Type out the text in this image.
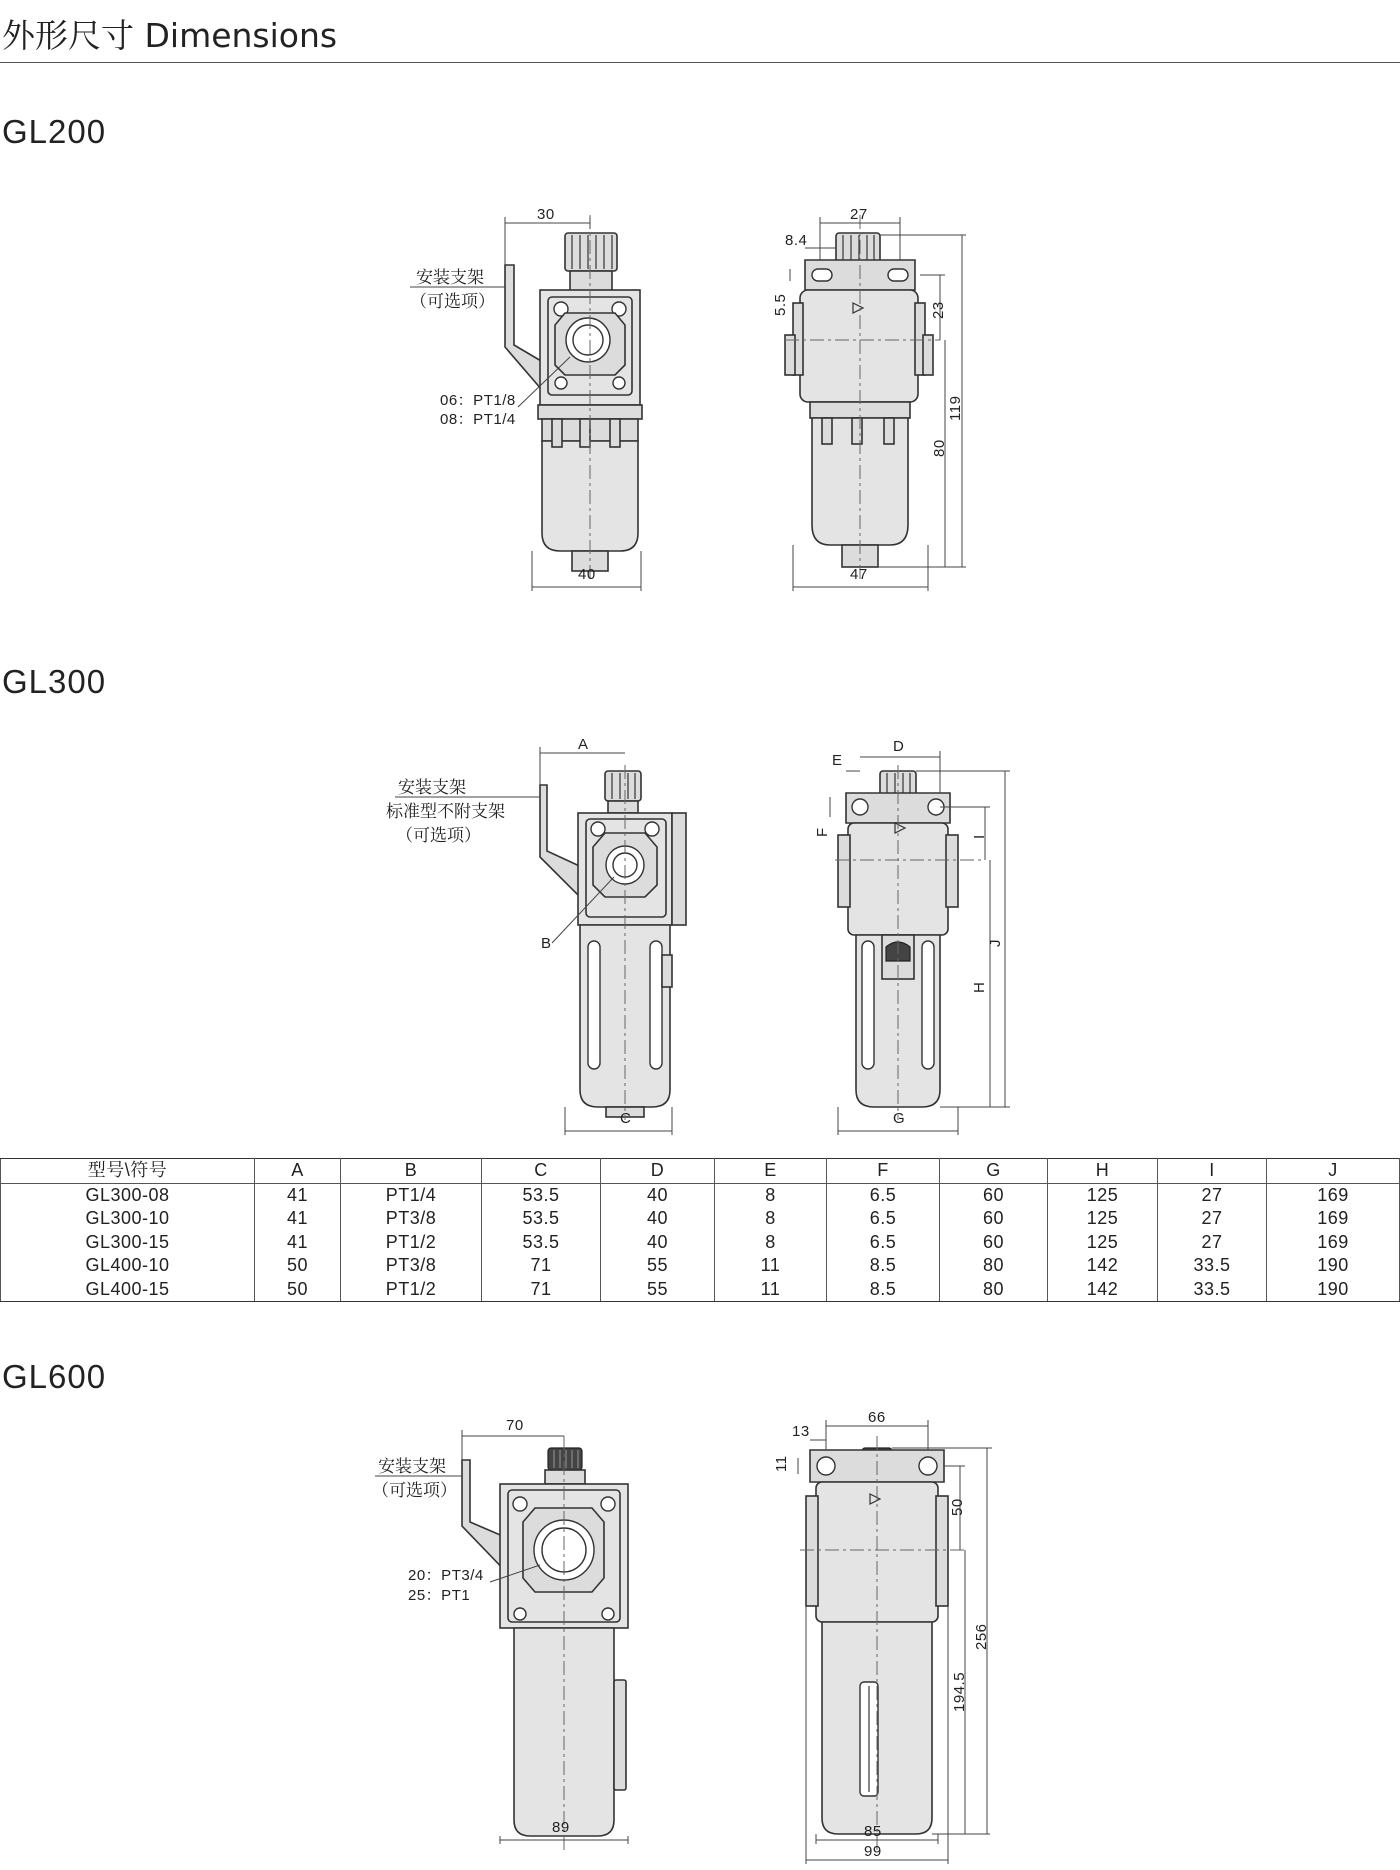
外形尺寸 Dimensions
GL200
30
40
安装支架
（可选项）
06：PT1/8
08：PT1/4
27
8.4
5.5	23
80
119
47
GL300
A
B
C
安装支架
标准型不附支架
（可选项）
D
E
F	I
H
J
G
型号\符号	A	B	C	D	E	F	G	H	I	J
GL300-08	41	PT1/4	53.5	40	8	6.5	60	125	27	169
GL300-10	41	PT3/8	53.5	40	8	6.5	60	125	27	169
GL300-15	41	PT1/2	53.5	40	8	6.5	60	125	27	169
GL400-10	50	PT3/8	71	55	11	8.5	80	142	33.5	190
GL400-15	50	PT1/2	71	55	11	8.5	80	142	33.5	190
GL600
70
89
安装支架
（可选项）
20：PT3/4
25：PT1
66
13
11
50
194.5
256
85
99
